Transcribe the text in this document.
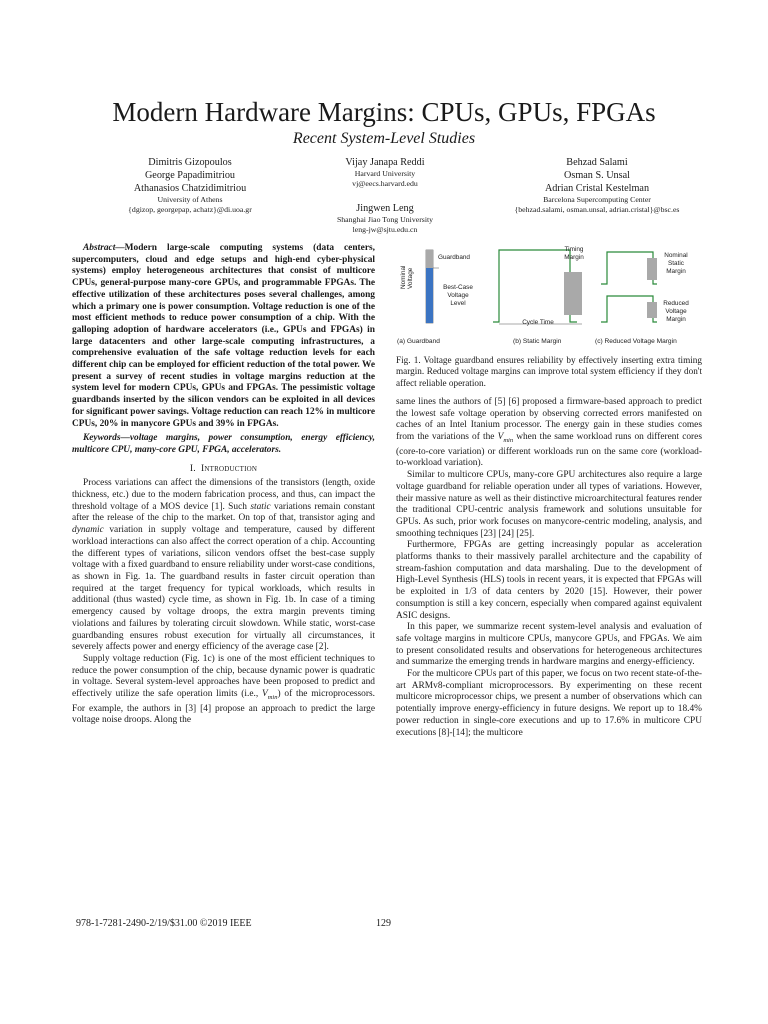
Modern Hardware Margins: CPUs, GPUs, FPGAs
Recent System-Level Studies
Dimitris Gizopoulos
George Papadimitriou
Athanasios Chatzidimitriou
University of Athens
{dgizop, georgepap, achatz}@di.uoa.gr
Vijay Janapa Reddi
Harvard University
vj@eecs.harvard.edu
Jingwen Leng
Shanghai Jiao Tong University
leng-jw@sjtu.edu.cn
Behzad Salami
Osman S. Unsal
Adrian Cristal Kestelman
Barcelona Supercomputing Center
{behzad.salami, osman.unsal, adrian.cristal}@bsc.es

Abstract—Modern large-scale computing systems (data centers, supercomputers, cloud and edge setups and high-end cyber-physical systems) employ heterogeneous architectures that consist of multicore CPUs, general-purpose many-core GPUs, and programmable FPGAs. The effective utilization of these architectures poses several challenges, among which a primary one is power consumption. Voltage reduction is one of the most efficient methods to reduce power consumption of a chip. With the galloping adoption of hardware accelerators (i.e., GPUs and FPGAs) in large datacenters and other large-scale computing infrastructures, a comprehensive evaluation of the safe voltage reduction levels for each different chip can be employed for efficient reduction of the total power. We present a survey of recent studies in voltage margins reduction at the system level for modern CPUs, GPUs and FPGAs. The pessimistic voltage guardbands inserted by the silicon vendors can be exploited in all devices for significant power savings. Voltage reduction can reach 12% in multicore CPUs, 20% in manycore GPUs and 39% in FPGAs.

Keywords—voltage margins, power consumption, energy efficiency, multicore CPU, many-core GPU, FPGA, accelerators.

I. Introduction

Process variations can affect the dimensions of the transistors (length, oxide thickness, etc.) due to the modern fabrication process, and thus, can impact the threshold voltage of a MOS device [1]. Such static variations remain constant after the release of the chip to the market. On top of that, transistor aging and dynamic variation in supply voltage and temperature, caused by different workload interactions can also affect the correct operation of a chip. Accounting the different types of variations, silicon vendors offset the best-case supply voltage with a fixed guardband to ensure reliability under worst-case conditions, as shown in Fig. 1a. The guardband results in faster circuit operation than required at the target frequency for typical workloads, which results in additional (thus wasted) cycle time, as shown in Fig. 1b. In case of a timing emergency caused by voltage droops, the extra margin prevents timing violations and failures by tolerating circuit slowdown. While static, worst-case guardbanding ensures robust execution for virtually all circumstances, it severely affects power and energy efficiency of the average case [2].

Supply voltage reduction (Fig. 1c) is one of the most efficient techniques to reduce the power consumption of the chip, because dynamic power is quadratic in voltage. Several system-level approaches have been proposed to predict and effectively utilize the safe operation limits (i.e., $V_{min}$) of the microprocessors. For example, the authors in [3] [4] propose an approach to predict the large voltage noise droops. Along the

Nominal
Voltage
Guardband
Best-Case
Voltage
Level
Timing
Margin
Cycle Time
Nominal
Static
Margin
Reduced
Voltage
Margin
(a) Guardband	(b) Static Margin	(c) Reduced Voltage Margin
Fig. 1. Voltage guardband ensures reliability by effectively inserting extra timing margin. Reduced voltage margins can improve total system efficiency if they don't affect reliable operation.

same lines the authors of [5] [6] proposed a firmware-based approach to predict the lowest safe voltage operation by observing corrected errors manifested on caches of an Intel Itanium processor. The energy gain in these studies comes from the variations of the $V_{min}$ when the same workload runs on different cores (core-to-core variation) or different workloads run on the same core (workload-to-workload variation).

Similar to multicore CPUs, many-core GPU architectures also require a large voltage guardband for reliable operation under all types of variations. However, their massive nature as well as their distinctive microarchitectural features render the traditional CPU-centric analysis framework and solutions unsuitable for GPUs. As such, prior work focuses on manycore-centric modeling, analysis, and smoothing techniques [23] [24] [25].

Furthermore, FPGAs are getting increasingly popular as acceleration platforms thanks to their massively parallel architecture and the capability of stream-fashion computation and data marshaling. Due to the development of High-Level Synthesis (HLS) tools in recent years, it is expected that FPGAs will be exploited in 1/3 of data centers by 2020 [15]. However, their power consumption is still a key concern, especially when compared against equivalent ASIC designs.

In this paper, we summarize recent system-level analysis and evaluation of safe voltage margins in multicore CPUs, manycore GPUs, and FPGAs. We aim to present consolidated results and observations for heterogeneous architectures and summarize the emerging trends in hardware margins and energy-efficiency.

For the multicore CPUs part of this paper, we focus on two recent state-of-the-art ARMv8-compliant microprocessors. By experimenting on these recent multicore microprocessor chips, we present a number of observations which can potentially improve energy-efficiency in future designs. We report up to 18.4% power reduction in single-core executions and up to 17.6% in multicore CPU executions [8]-[14]; the multicore

978-1-7281-2490-2/19/$31.00 ©2019 IEEE	129
